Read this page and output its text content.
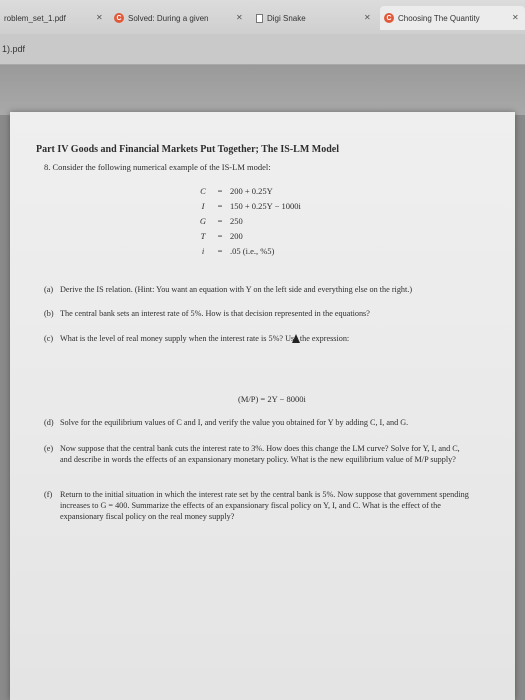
roblem_set_1.pdf	✕	C Solved: During a given	✕	Digi Snake	✕	C Choosing The Quantity	✕
1).pdf
Part IV Goods and Financial Markets Put Together; The IS-LM Model
8. Consider the following numerical example of the IS-LM model:
C	= 200 + 0.25Y
I	= 150 + 0.25Y − 1000i
G	= 250
T	= 200
i	= .05 (i.e., %5)
(a) Derive the IS relation. (Hint: You want an equation with Y on the left side and everything else on the right.)
(b) The central bank sets an interest rate of 5%. How is that decision represented in the equations?
(c) What is the level of real money supply when the interest rate is 5%? Use the expression:
(M/P) = 2Y − 8000i
(d) Solve for the equilibrium values of C and I, and verify the value you obtained for Y by adding C, I, and G.
(e) Now suppose that the central bank cuts the interest rate to 3%. How does this change the LM curve? Solve for Y, I, and C, and describe in words the effects of an expansionary monetary policy. What is the new equilibrium value of M/P supply?
(f) Return to the initial situation in which the interest rate set by the central bank is 5%. Now suppose that government spending increases to G = 400. Summarize the effects of an expansionary fiscal policy on Y, I, and C. What is the effect of the expansionary fiscal policy on the real money supply?
